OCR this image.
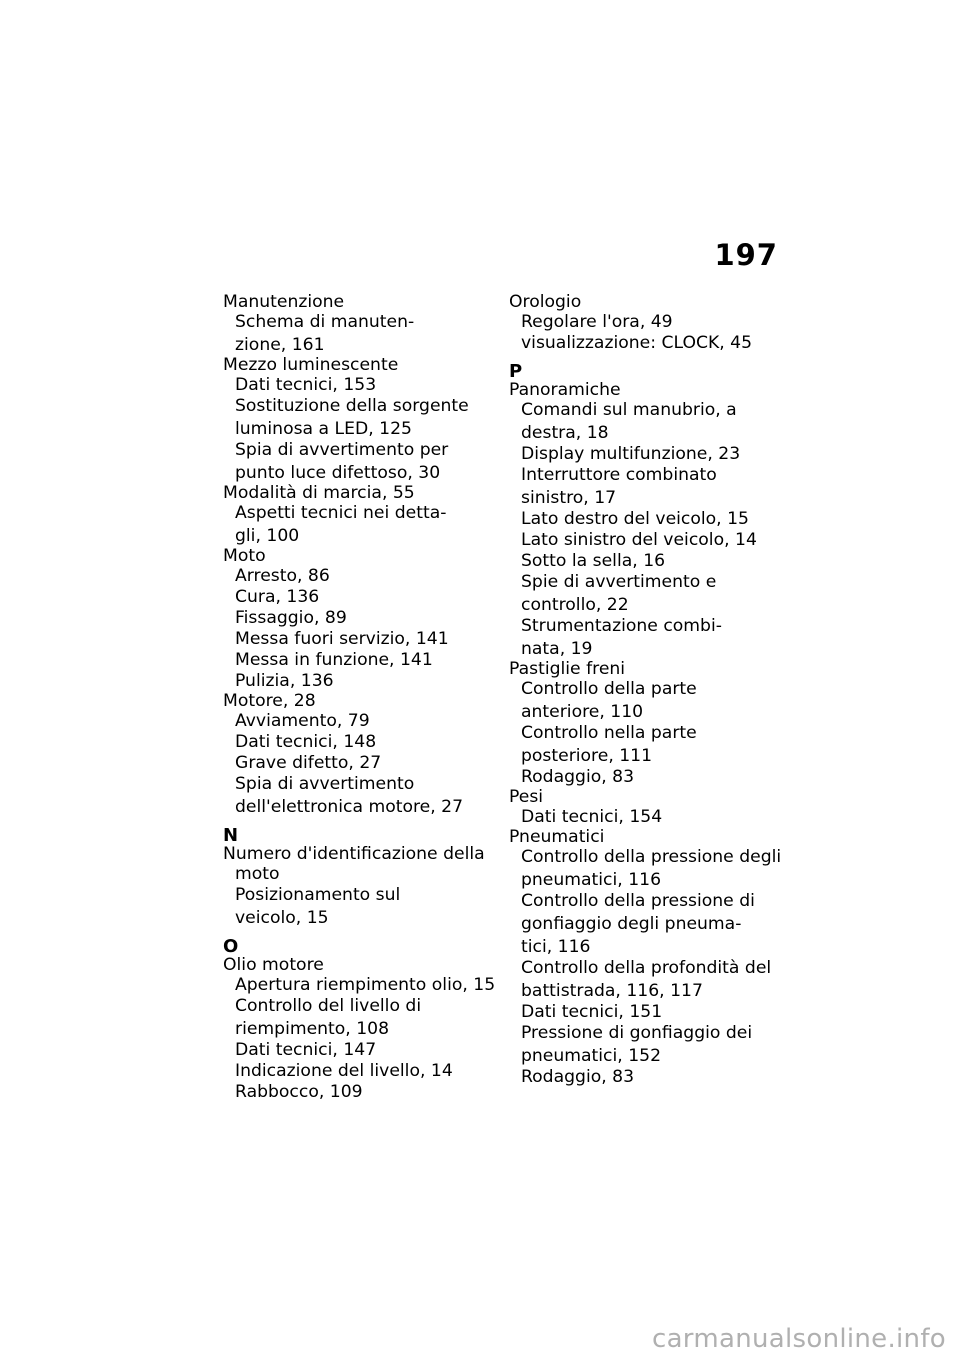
197
Manutenzione
Schema di manuten-
zione, 161
Mezzo luminescente
Dati tecnici, 153
Sostituzione della sorgente
luminosa a LED, 125
Spia di avvertimento per
punto luce difettoso, 30
Modalità di marcia, 55
Aspetti tecnici nei detta-
gli, 100
Moto
Arresto, 86
Cura, 136
Fissaggio, 89
Messa fuori servizio, 141
Messa in funzione, 141
Pulizia, 136
Motore, 28
Avviamento, 79
Dati tecnici, 148
Grave difetto, 27
Spia di avvertimento
dell'elettronica motore, 27
N
Numero d'identificazione della
moto
Posizionamento sul
veicolo, 15
O
Olio motore
Apertura riempimento olio, 15
Controllo del livello di
riempimento, 108
Dati tecnici, 147
Indicazione del livello, 14
Rabbocco, 109
Orologio
Regolare l'ora, 49
visualizzazione: CLOCK, 45
P
Panoramiche
Comandi sul manubrio, a
destra, 18
Display multifunzione, 23
Interruttore combinato
sinistro, 17
Lato destro del veicolo, 15
Lato sinistro del veicolo, 14
Sotto la sella, 16
Spie di avvertimento e
controllo, 22
Strumentazione combi-
nata, 19
Pastiglie freni
Controllo della parte
anteriore, 110
Controllo nella parte
posteriore, 111
Rodaggio, 83
Pesi
Dati tecnici, 154
Pneumatici
Controllo della pressione degli
pneumatici, 116
Controllo della pressione di
gonfiaggio degli pneuma-
tici, 116
Controllo della profondità del
battistrada, 116, 117
Dati tecnici, 151
Pressione di gonfiaggio dei
pneumatici, 152
Rodaggio, 83
carmanualsonline.info
